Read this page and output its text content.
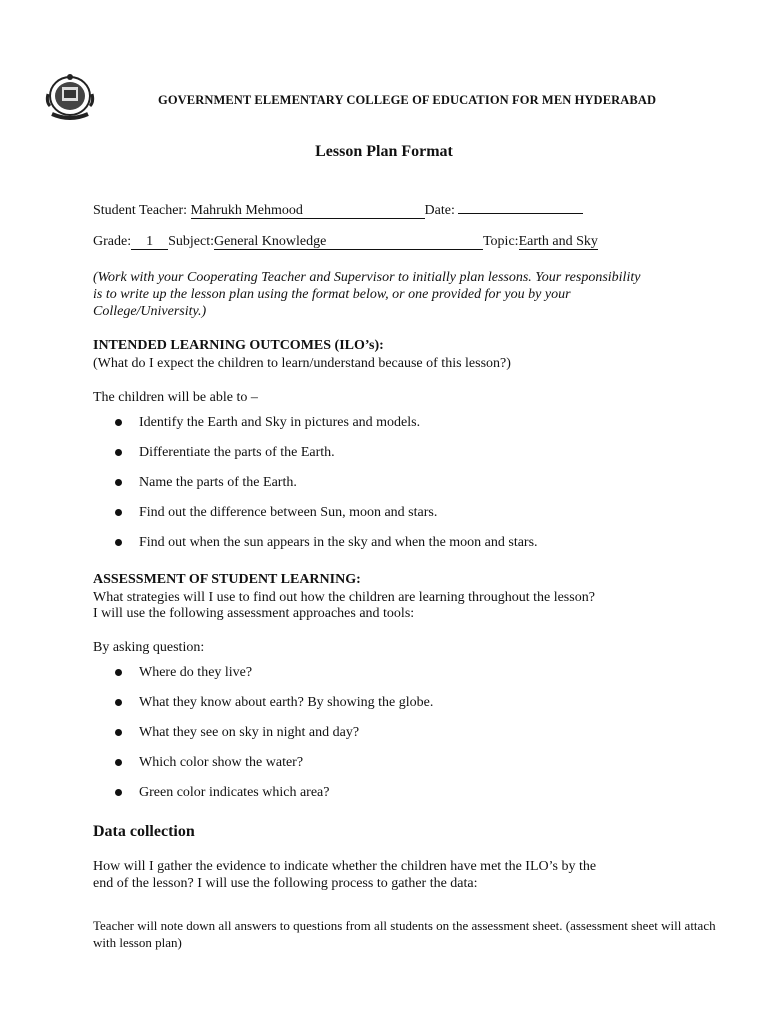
GOVERNMENT ELEMENTARY COLLEGE OF EDUCATION FOR MEN HYDERABAD
Lesson Plan Format
Student Teacher: Mahrukh Mehmood	Date:
Grade: 1 Subject:General Knowledge	Topic:Earth and Sky
(Work with your Cooperating Teacher and Supervisor to initially plan lessons. Your responsibility is to write up the lesson plan using the format below, or one provided for you by your College/University.)
INTENDED LEARNING OUTCOMES (ILO’s):
(What do I expect the children to learn/understand because of this lesson?)
The children will be able to –
Identify the Earth and Sky in pictures and models.
Differentiate the parts of the Earth.
Name the parts of the Earth.
Find out the difference between Sun, moon and stars.
Find out when the sun appears in the sky and when the moon and stars.
ASSESSMENT OF STUDENT LEARNING:
What strategies will I use to find out how the children are learning throughout the lesson?
I will use the following assessment approaches and tools:
By asking question:
Where do they live?
What they know about earth? By showing the globe.
What they see on sky in night and day?
Which color show the water?
Green color indicates which area?
Data collection
How will I gather the evidence to indicate whether the children have met the ILO’s by the
end of the lesson? I will use the following process to gather the data:
Teacher will note down all answers to questions from all students on the assessment sheet. (assessment sheet will attach with lesson plan)
